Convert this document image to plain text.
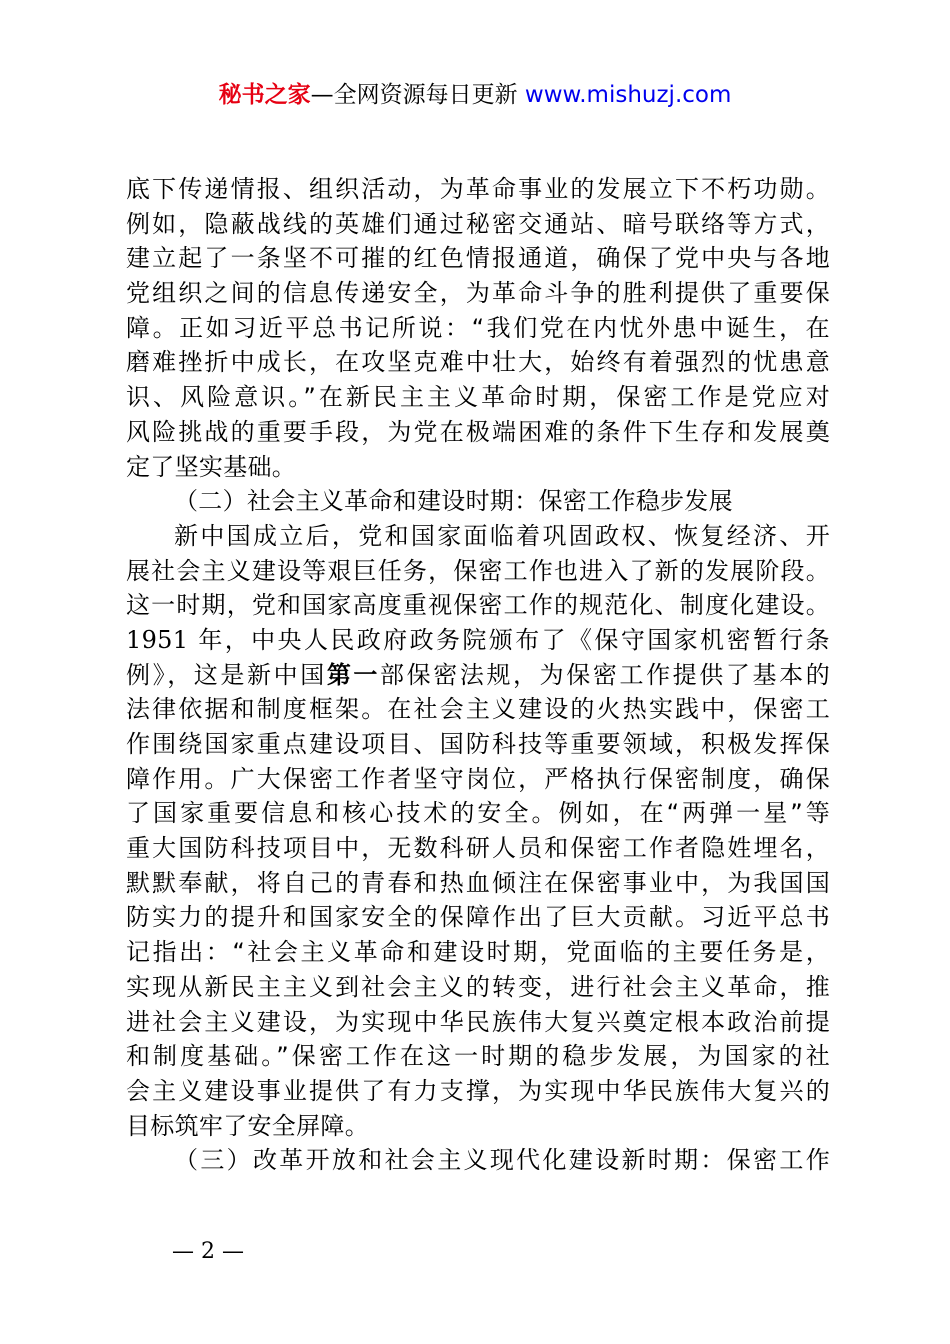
秘书之家—全网资源每日更新 www.mishuzj.com
底下传递情报、组织活动，为革命事业的发展立下不朽功勋。
例如，隐蔽战线的英雄们通过秘密交通站、暗号联络等方式，
建立起了一条坚不可摧的红色情报通道，确保了党中央与各地
党组织之间的信息传递安全，为革命斗争的胜利提供了重要保
障。正如习近平总书记所说：“我们党在内忧外患中诞生，在
磨难挫折中成长，在攻坚克难中壮大，始终有着强烈的忧患意
识、风险意识。”在新民主主义革命时期，保密工作是党应对
风险挑战的重要手段，为党在极端困难的条件下生存和发展奠
定了坚实基础。
（二）社会主义革命和建设时期：保密工作稳步发展
新中国成立后，党和国家面临着巩固政权、恢复经济、开
展社会主义建设等艰巨任务，保密工作也进入了新的发展阶段。
这一时期，党和国家高度重视保密工作的规范化、制度化建设。
1951 年，中央人民政府政务院颁布了《保守国家机密暂行条
例》，这是新中国第一部保密法规，为保密工作提供了基本的
法律依据和制度框架。在社会主义建设的火热实践中，保密工
作围绕国家重点建设项目、国防科技等重要领域，积极发挥保
障作用。广大保密工作者坚守岗位，严格执行保密制度，确保
了国家重要信息和核心技术的安全。例如，在“两弹一星”等
重大国防科技项目中，无数科研人员和保密工作者隐姓埋名，
默默奉献，将自己的青春和热血倾注在保密事业中，为我国国
防实力的提升和国家安全的保障作出了巨大贡献。习近平总书
记指出：“社会主义革命和建设时期，党面临的主要任务是，
实现从新民主主义到社会主义的转变，进行社会主义革命，推
进社会主义建设，为实现中华民族伟大复兴奠定根本政治前提
和制度基础。”保密工作在这一时期的稳步发展，为国家的社
会主义建设事业提供了有力支撑，为实现中华民族伟大复兴的
目标筑牢了安全屏障。
（三）改革开放和社会主义现代化建设新时期：保密工作
— 2 —
